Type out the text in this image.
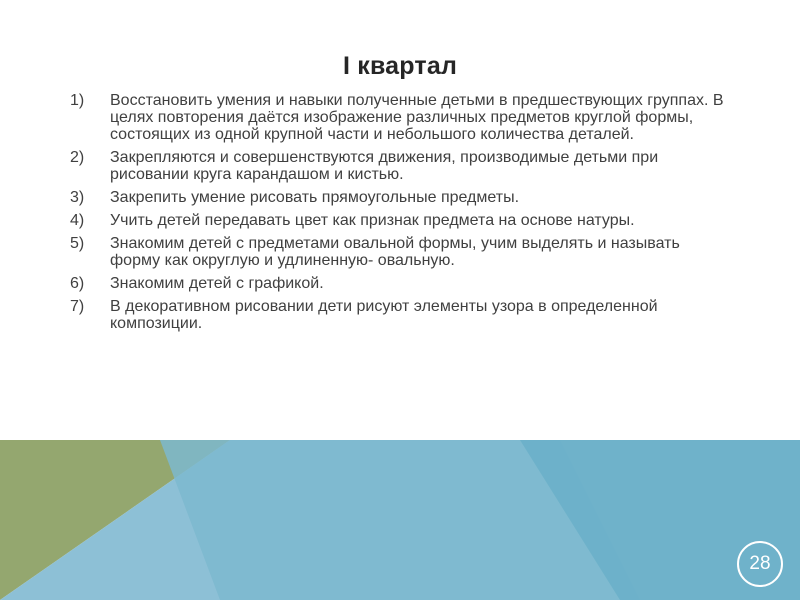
I квартал
1)	Восстановить умения и навыки полученные детьми в предшествующих группах. В целях повторения даётся изображение различных предметов круглой формы, состоящих из одной крупной части и небольшого количества деталей.
2)	Закрепляются и совершенствуются движения, производимые детьми при рисовании круга карандашом и кистью.
3)	Закрепить умение рисовать прямоугольные предметы.
4)	Учить детей передавать цвет как признак предмета на основе натуры.
5)	Знакомим детей с предметами овальной формы, учим выделять и называть форму как округлую и удлиненную- овальную.
6)	Знакомим детей с графикой.
7)	В декоративном рисовании дети рисуют элементы узора в определенной композиции.
28
